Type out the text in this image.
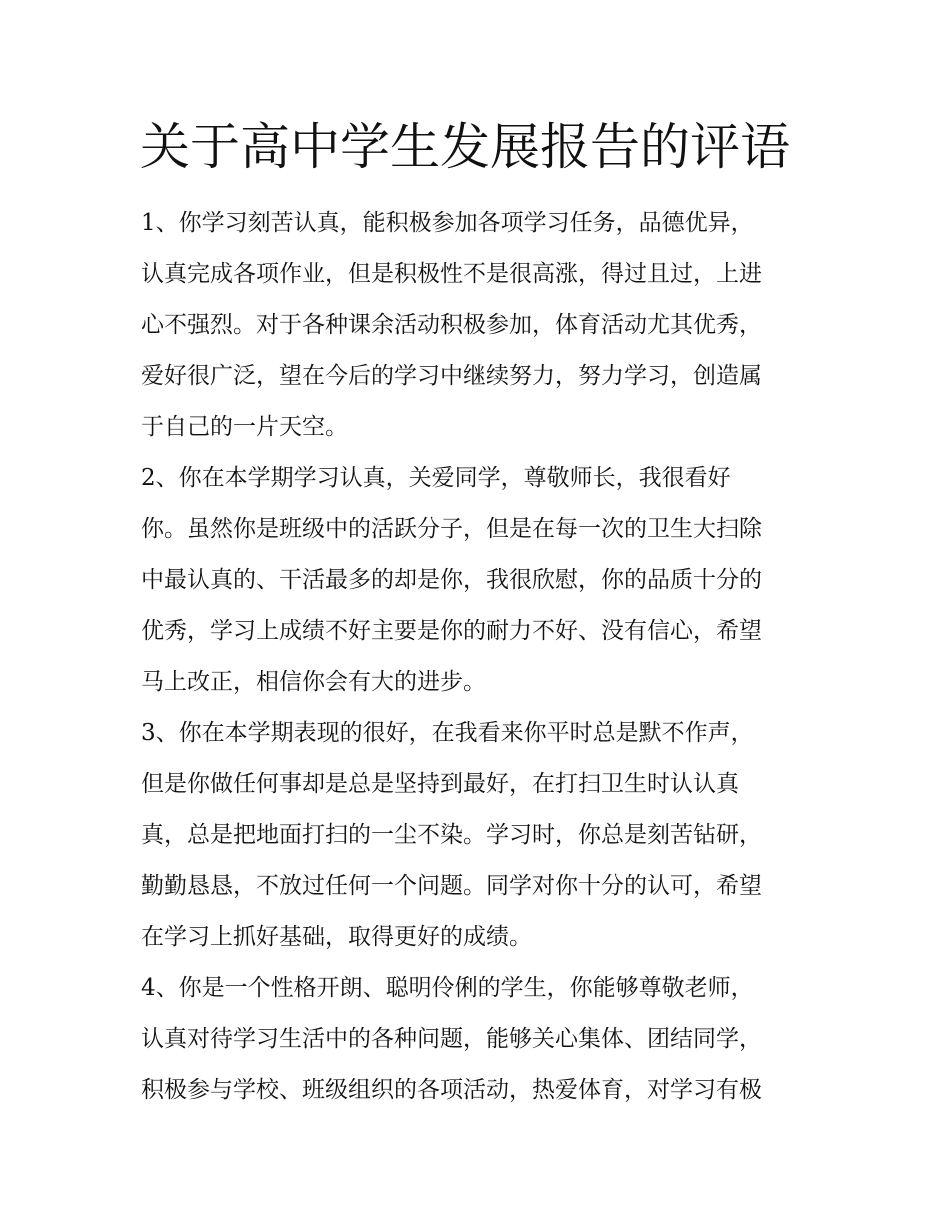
关于高中学生发展报告的评语
1、你学习刻苦认真，能积极参加各项学习任务，品德优异，
认真完成各项作业，但是积极性不是很高涨，得过且过，上进
心不强烈。对于各种课余活动积极参加，体育活动尤其优秀，
爱好很广泛，望在今后的学习中继续努力，努力学习，创造属
于自己的一片天空。
2、你在本学期学习认真，关爱同学，尊敬师长，我很看好
你。虽然你是班级中的活跃分子，但是在每一次的卫生大扫除
中最认真的、干活最多的却是你，我很欣慰，你的品质十分的
优秀，学习上成绩不好主要是你的耐力不好、没有信心，希望
马上改正，相信你会有大的进步。
3、你在本学期表现的很好，在我看来你平时总是默不作声，
但是你做任何事却是总是坚持到最好，在打扫卫生时认认真
真，总是把地面打扫的一尘不染。学习时，你总是刻苦钻研，
勤勤恳恳，不放过任何一个问题。同学对你十分的认可，希望
在学习上抓好基础，取得更好的成绩。
4、你是一个性格开朗、聪明伶俐的学生，你能够尊敬老师，
认真对待学习生活中的各种问题，能够关心集体、团结同学，
积极参与学校、班级组织的各项活动，热爱体育，对学习有极
